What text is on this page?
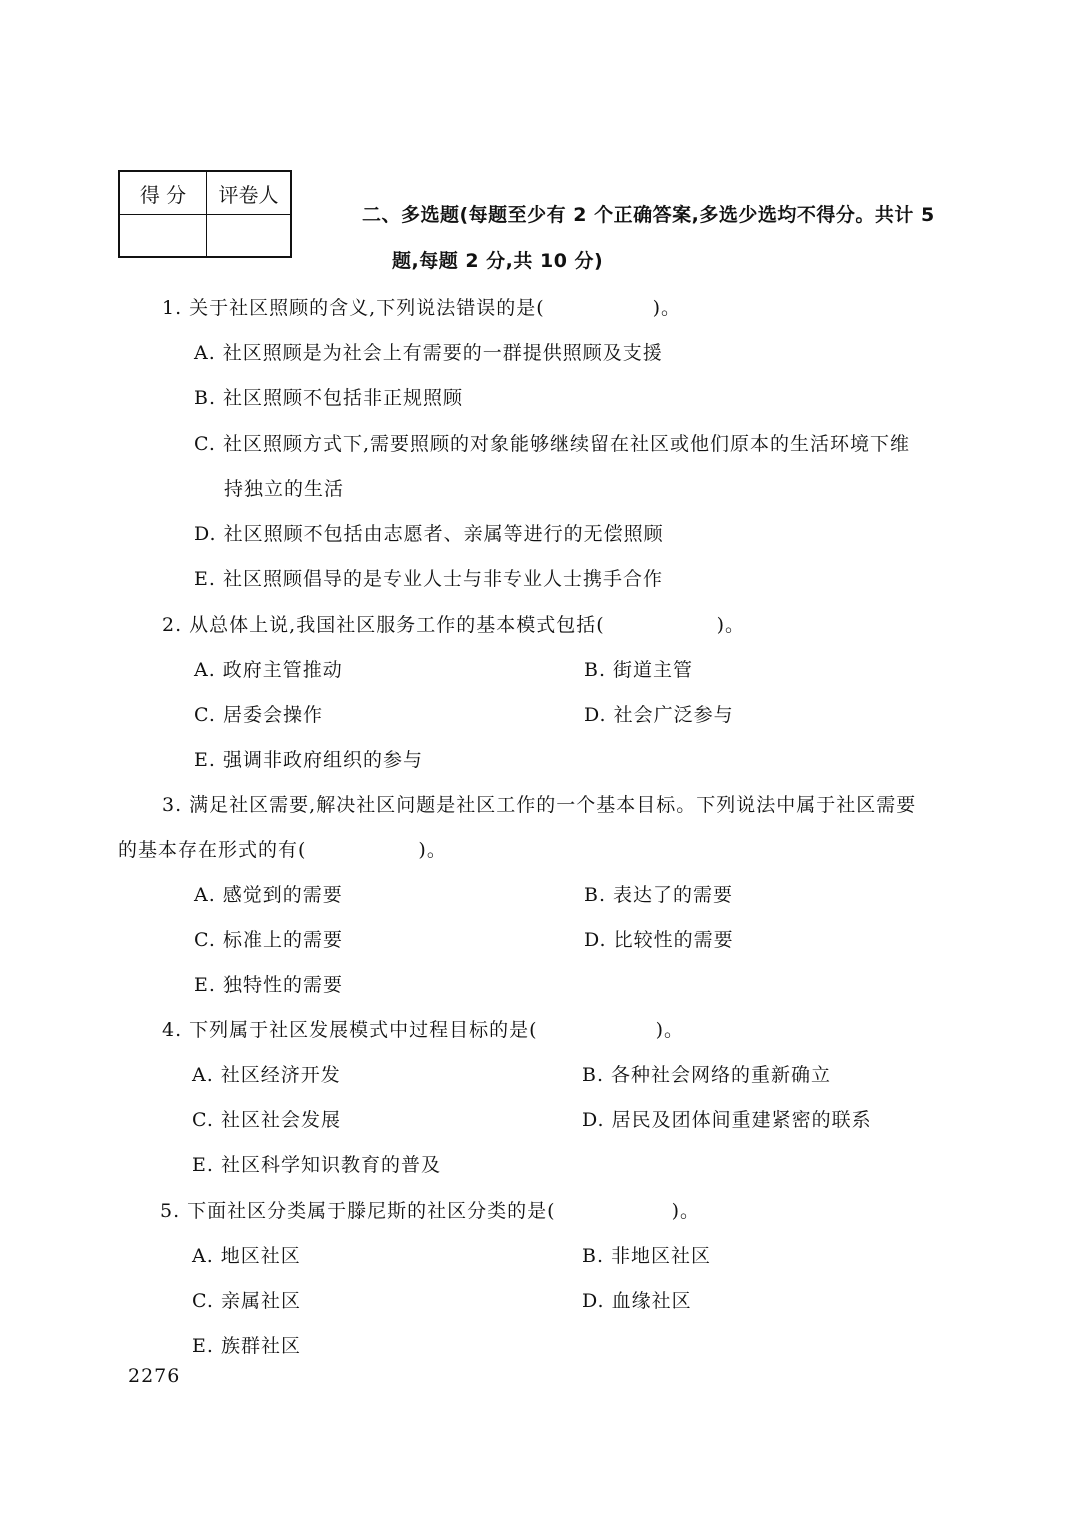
得 分	评卷人

二、多选题(每题至少有 2 个正确答案,多选少选均不得分。共计 5
题,每题 2 分,共 10 分)
1. 关于社区照顾的含义,下列说法错误的是(	)。
A. 社区照顾是为社会上有需要的一群提供照顾及支援
B. 社区照顾不包括非正规照顾
C. 社区照顾方式下,需要照顾的对象能够继续留在社区或他们原本的生活环境下维
持独立的生活
D. 社区照顾不包括由志愿者、亲属等进行的无偿照顾
E. 社区照顾倡导的是专业人士与非专业人士携手合作
2. 从总体上说,我国社区服务工作的基本模式包括(	)。
A. 政府主管推动	B. 街道主管
C. 居委会操作	D. 社会广泛参与
E. 强调非政府组织的参与
3. 满足社区需要,解决社区问题是社区工作的一个基本目标。下列说法中属于社区需要
的基本存在形式的有(	)。
A. 感觉到的需要	B. 表达了的需要
C. 标准上的需要	D. 比较性的需要
E. 独特性的需要
4. 下列属于社区发展模式中过程目标的是(	)。
A. 社区经济开发	B. 各种社会网络的重新确立
C. 社区社会发展	D. 居民及团体间重建紧密的联系
E. 社区科学知识教育的普及
5. 下面社区分类属于滕尼斯的社区分类的是(	)。
A. 地区社区	B. 非地区社区
C. 亲属社区	D. 血缘社区
E. 族群社区
2276
